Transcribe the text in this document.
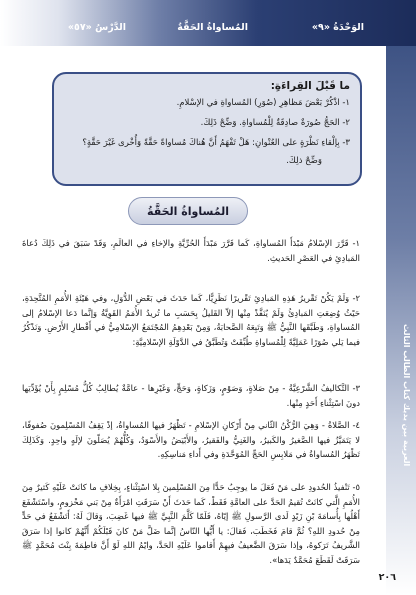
الوَحْدَةُ «٩»
المُساواةُ الحَقَّةُ
الدَّرْسُ «٥٧»
العربية بين يديك كتاب الطالب الثالث
ما قَبْلَ القِراءَةِ:
١- اذْكُرْ بَعْضَ مَظاهِرِ (صُوَرِ) المُساواةِ في الإسْلامِ.
٢- الحَجُّ صُورَةٌ صادِقَةٌ لِلْمُساواةِ. وَضِّحْ ذَلِكَ.
٣- بِإلْقاءِ نَظْرَةٍ على العُنْوانِ: هَلْ تَفْهَمُ أَنَّ هُناكَ مُساواةً حَقَّةً وَأُخْرى غَيْرَ حَقَّةٍ؟
وَضِّحْ ذلِكَ.
المُساواةُ الحَقَّةُ
١- قَرَّرَ الإسْلامُ مَبْدَأَ المُساواةِ، كَما قَرَّرَ مَبْدَأَ الحُرِّيَّةِ والإخاءِ في العالَمِ، وَقَدْ سَبَقَ في ذَلِكَ دُعاةَ المَبادِئِ في العَصْرِ الحَديثِ.
٢- وَلَمْ يَكُنْ تَقْريرُ هَذِهِ المَبادِئِ تَقْريرًا نَظَرِيًّا، كَما حَدَثَ في بَعْضِ الدُّوَلِ، وفي هَيْئَةِ الأُمَمِ المُتَّحِدَةِ، حَيْثُ وُضِعَتِ المَبادِئُ وَلَمْ يُنَفَّذْ مِنْها إلاّ القَليلُ بِحَسَبِ ما تُريدُ الأُمَمُ القَوِيَّةُ وَإنَّما دَعا الإسْلامُ إلى المُساواةِ، وَطَبَّقَها النَّبِيُّ ﷺ وَتَبِعَهُ الصَّحابَةُ، وَمِنْ بَعْدِهِمُ المُجْتَمَعُ الإسْلامِيُّ في أَقْطارِ الأَرْضِ. وَنَذْكُرُ فيما يَلي صُوَرًا عَمَلِيَّةً لِلْمُساواةِ طُبِّقَتْ وَتُطَبَّقُ في الدَّوْلَةِ الإسْلامِيَّةِ:
٣- التَّكاليفُ الشَّرْعِيَّةُ - مِنْ صَلاةٍ، وَصَوْمٍ، وَزَكاةٍ، وَحَجٍّ، وَغَيْرِها - عامَّةٌ يُطالِبُ كُلُّ مُسْلِمٍ بِأَنْ يُؤَدِّيَها دونَ اسْتِثْناءِ أَحَدٍ مِنْها.
٤- الصَّلاةُ - وَهِيَ الرُّكْنُ الثّاني مِنْ أَرْكانِ الإسْلامِ - تَظْهَرُ فيها المُساواةُ، إذْ يَقِفُ المُسْلِمونَ صُفوفًا، لا يَتَمَيَّزُ فيها الصَّغيرُ والكَبيرُ، والغَنِيُّ والفَقيرُ، والأَبْيَضُ والأَسْوَدُ، وَكُلُّهُمْ يُصَلّونَ لإلَهٍ واحِدٍ. وَكَذَلِكَ تَظْهَرُ المُساواةُ في مَلابِسِ الحَجِّ المُوَحَّدَةِ وفي أَداءِ مَناسِكِهِ.
٥- تَنْفيذُ الحُدودِ على مَنْ فَعَلَ ما يوجِبُ حَدًّا مِنَ المُسْلِمينَ بِلا اسْتِثْناءٍ، بِخِلافِ ما كانَتْ عَلَيْهِ كَثيرٌ مِنَ الأُمَمِ الَّتي كانَتْ تُقيمُ الحَدَّ على العامَّةِ فَقَطْ، كَما حَدَثَ أَنْ سَرَقَتِ امْرَأَةٌ مِنْ بَني مَخْزومٍ، واسْتَشْفَعَ أَهْلُها بِأُسامَةَ بْنِ زَيْدٍ لَدى الرَّسولِ ﷺ إيّاهُ، فَلَمّا كَلَّمَ النَّبِيَّ ﷺ فيها غَضِبَ، وَقالَ لَهُ: أَتَشْفَعُ في حَدٍّ مِنْ حُدودِ اللهِ؟ ثُمَّ قامَ فَخَطَبَ، فَقالَ: يا أَيُّها النّاسُ إنَّما ضَلَّ مَنْ كانَ قَبْلَكُمْ أَنَّهُمْ كانوا إذا سَرَقَ الشَّريفُ تَرَكوهُ، وإذا سَرَقَ الضَّعيفُ فيهِمْ أَقاموا عَلَيْهِ الحَدَّ، وايْمُ اللهِ لَوْ أَنَّ فاطِمَةَ بِنْتَ مُحَمَّدٍ ﷺ سَرَقَتْ لَقَطَعَ مُحَمَّدٌ يَدَها».
٢٠٦
